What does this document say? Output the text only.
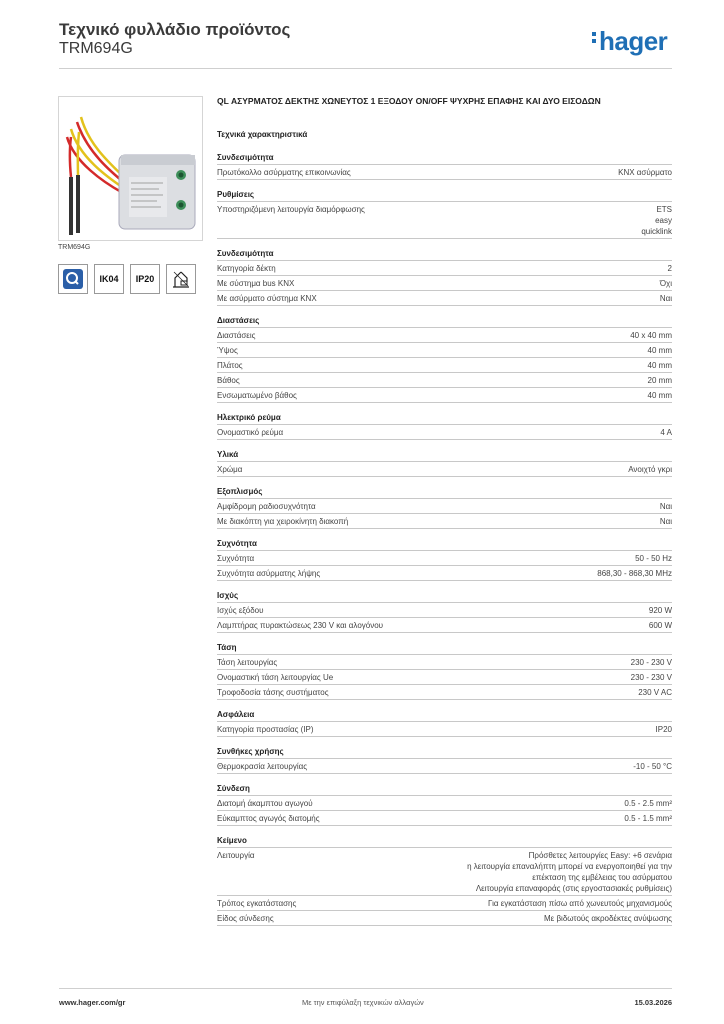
Τεχνικό φυλλάδιο προϊόντος
TRM694G	hager
TRM694G
IK04	IP20
QL ΑΣΥΡΜΑΤΟΣ ΔΕΚΤΗΣ ΧΩΝΕΥΤΟΣ 1 ΕΞΟΔΟΥ ON/OFF ΨΥΧΡΗΣ ΕΠΑΦΗΣ ΚΑΙ ΔΥΟ ΕΙΣΟΔΩΝ
Τεχνικά χαρακτηριστικά
Συνδεσιμότητα
Πρωτόκολλο ασύρματης επικοινωνίας	KNX ασύρματο
Ρυθμίσεις
Υποστηριζόμενη λειτουργία διαμόρφωσης	ETS
easy
quicklink
Συνδεσιμότητα
Κατηγορία δέκτη	2
Με σύστημα bus KNX	Όχι
Με ασύρματο σύστημα KNX	Ναι
Διαστάσεις
Διαστάσεις	40 x 40 mm
Ύψος	40 mm
Πλάτος	40 mm
Βάθος	20 mm
Ενσωματωμένο βάθος	40 mm
Ηλεκτρικό ρεύμα
Ονομαστικό ρεύμα	4 A
Υλικά
Χρώμα	Ανοιχτό γκρι
Εξοπλισμός
Αμφίδρομη ραδιοσυχνότητα	Ναι
Με διακόπτη για χειροκίνητη διακοπή	Ναι
Συχνότητα
Συχνότητα	50 - 50 Hz
Συχνότητα ασύρματης λήψης	868,30 - 868,30 MHz
Ισχύς
Ισχύς εξόδου	920 W
Λαμπτήρας πυρακτώσεως 230 V και αλογόνου	600 W
Τάση
Τάση λειτουργίας	230 - 230 V
Ονομαστική τάση λειτουργίας Ue	230 - 230 V
Τροφοδοσία τάσης συστήματος	230 V AC
Ασφάλεια
Κατηγορία προστασίας (IP)	IP20
Συνθήκες χρήσης
Θερμοκρασία λειτουργίας	-10 - 50 °C
Σύνδεση
Διατομή άκαμπτου αγωγού	0.5 - 2.5 mm²
Εύκαμπτος αγωγός διατομής	0.5 - 1.5 mm²
Κείμενο
Λειτουργία	Πρόσθετες λειτουργίες Easy: +6 σενάρια
η λειτουργία επαναλήπτη μπορεί να ενεργοποιηθεί για την
επέκταση της εμβέλειας του ασύρματου
Λειτουργία επαναφοράς (στις εργοστασιακές ρυθμίσεις)
Τρόπος εγκατάστασης	Για εγκατάσταση πίσω από χωνευτούς μηχανισμούς
Είδος σύνδεσης	Με βιδωτούς ακροδέκτες ανύψωσης
www.hager.com/gr	Με την επιφύλαξη τεχνικών αλλαγών	15.03.2026
